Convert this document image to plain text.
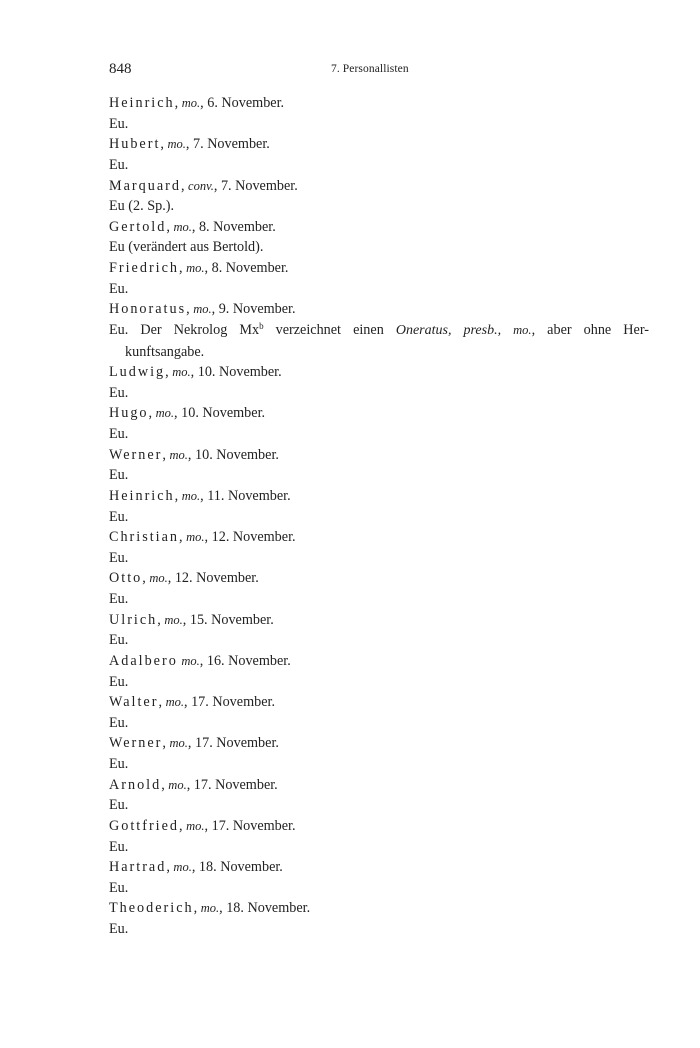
848	7. Personallisten
Heinrich, mo., 6. November.
Eu.
Hubert, mo., 7. November.
Eu.
Marquard, conv., 7. November.
Eu (2. Sp.).
Gertold, mo., 8. November.
Eu (verändert aus Bertold).
Friedrich, mo., 8. November.
Eu.
Honoratus, mo., 9. November.
Eu. Der Nekrolog Mx$^b$ verzeichnet einen Oneratus, presb., mo., aber ohne Her-
kunftsangabe.
Ludwig, mo., 10. November.
Eu.
Hugo, mo., 10. November.
Eu.
Werner, mo., 10. November.
Eu.
Heinrich, mo., 11. November.
Eu.
Christian, mo., 12. November.
Eu.
Otto, mo., 12. November.
Eu.
Ulrich, mo., 15. November.
Eu.
Adalbero mo., 16. November.
Eu.
Walter, mo., 17. November.
Eu.
Werner, mo., 17. November.
Eu.
Arnold, mo., 17. November.
Eu.
Gottfried, mo., 17. November.
Eu.
Hartrad, mo., 18. November.
Eu.
Theoderich, mo., 18. November.
Eu.
